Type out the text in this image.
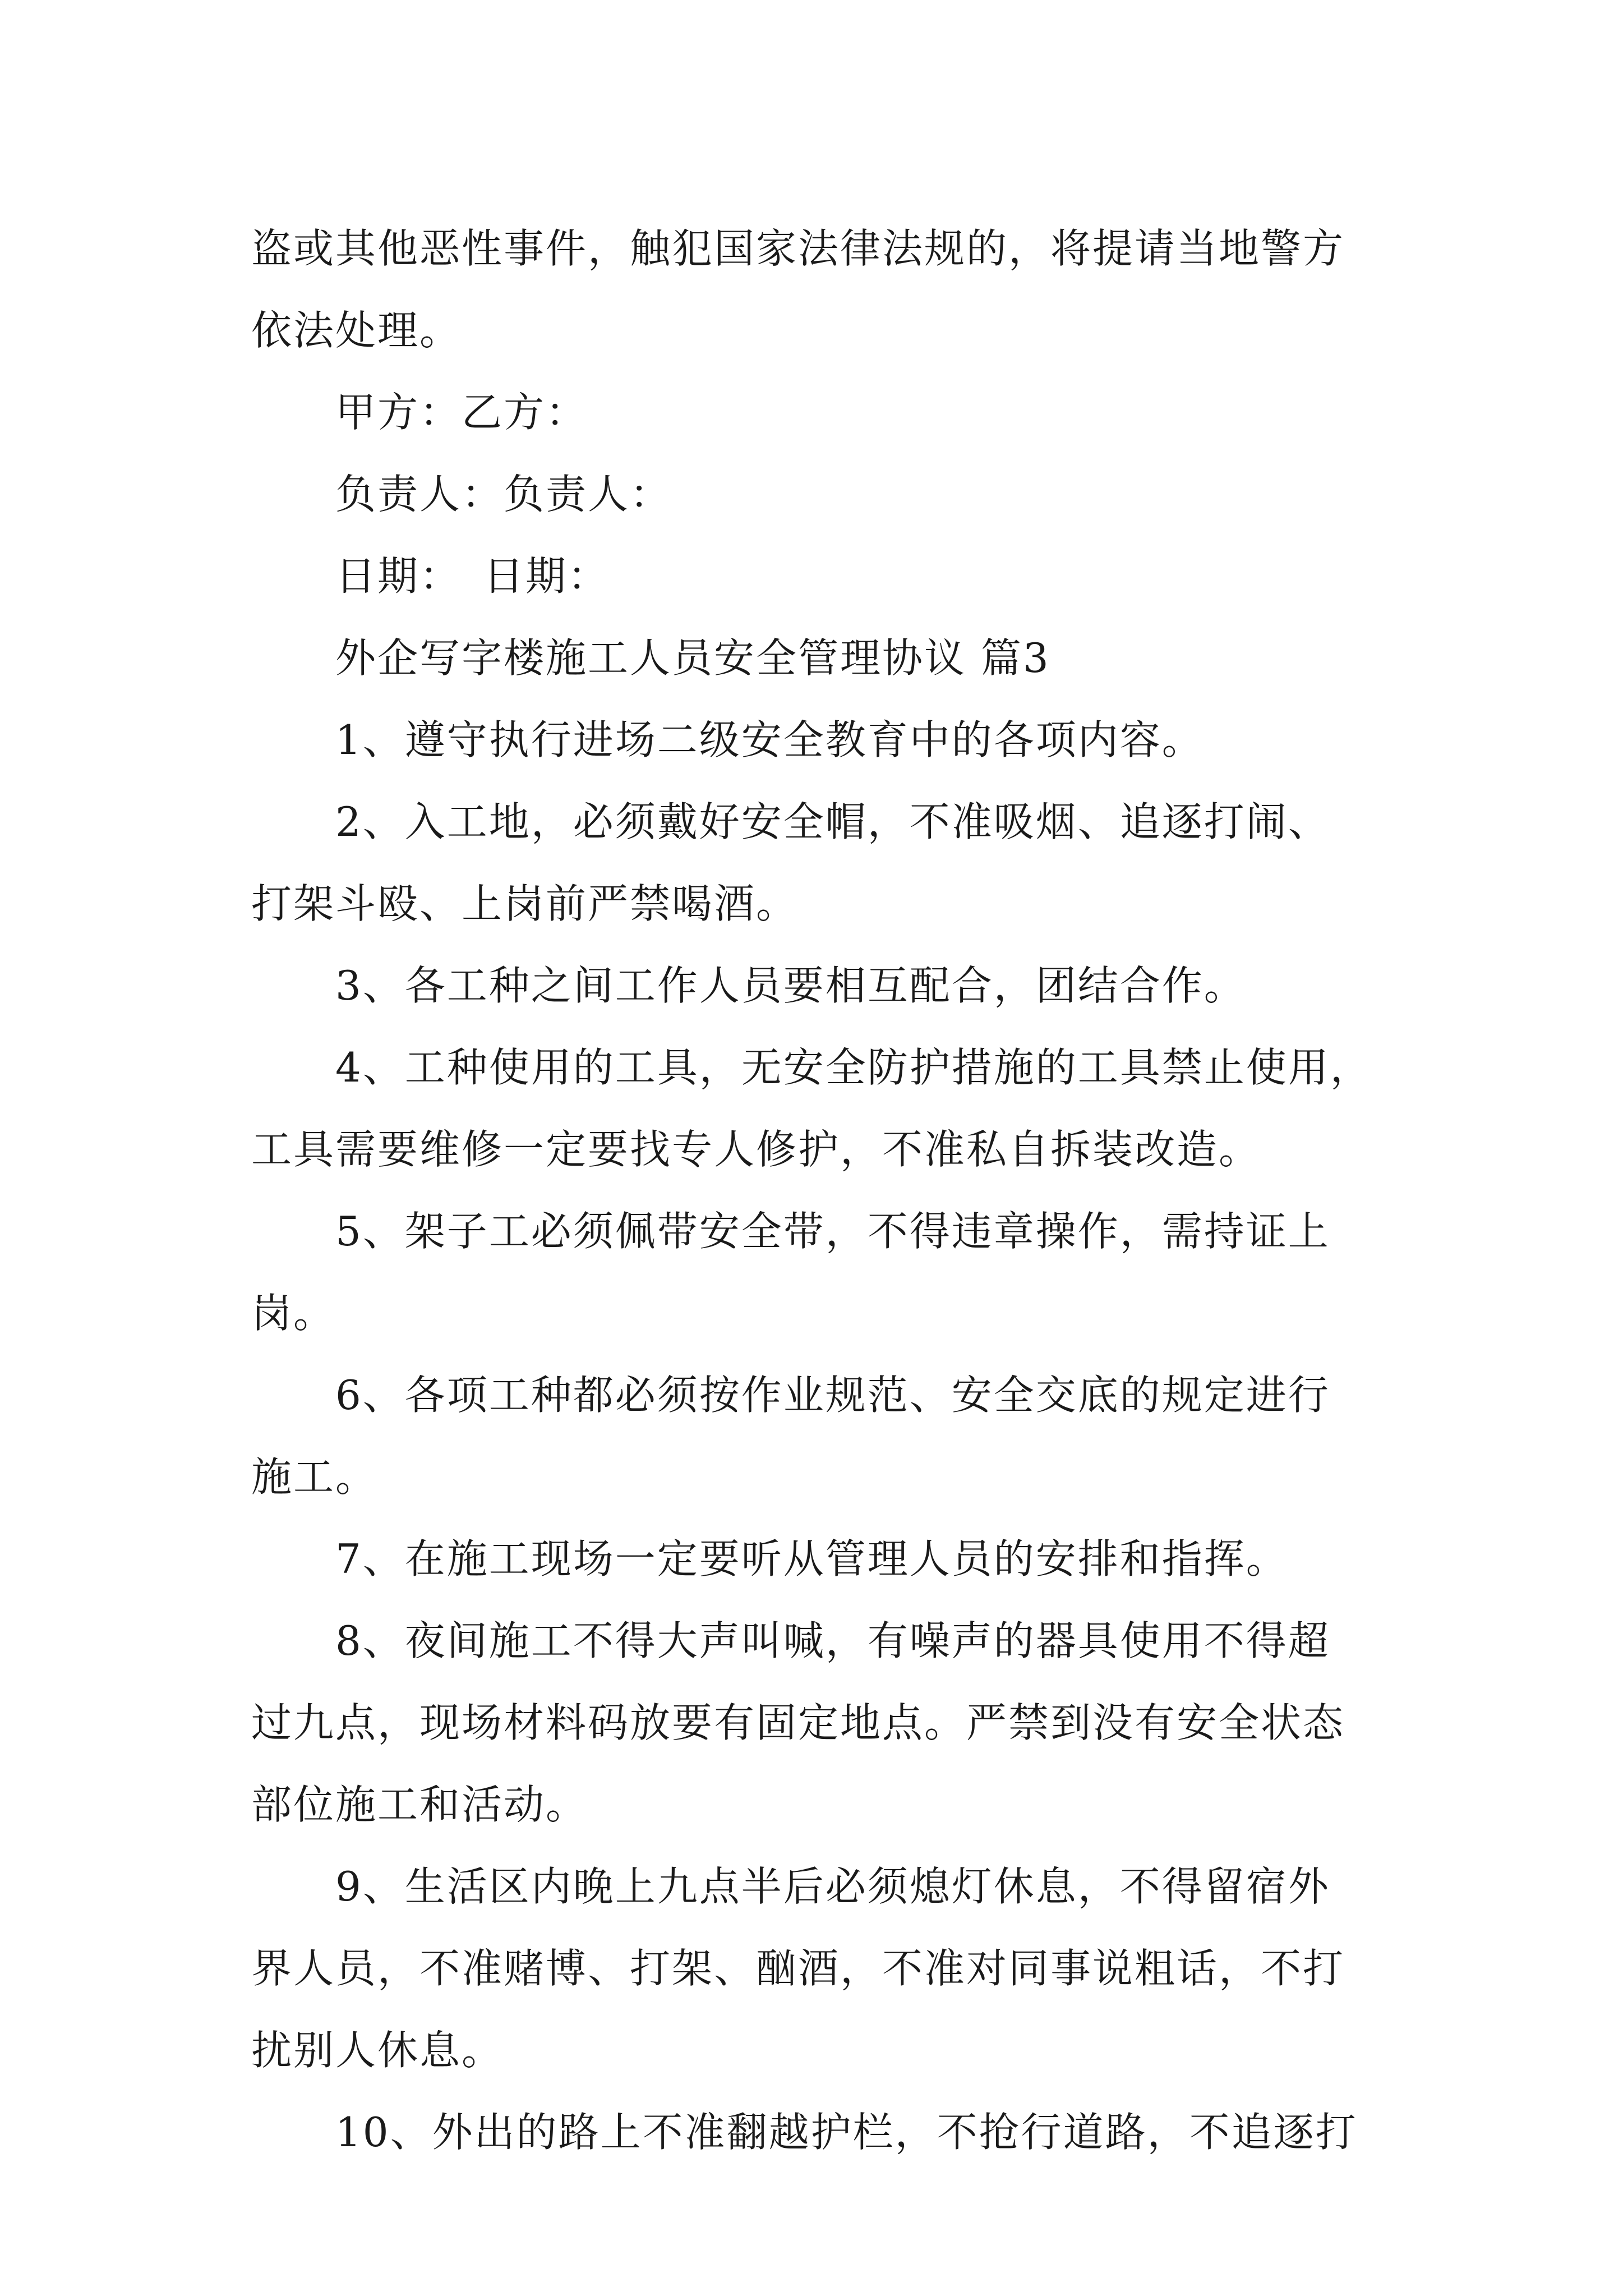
盗或其他恶性事件，触犯国家法律法规的，将提请当地警方
依法处理。
甲方：乙方：
负责人：负责人：
日期：　日期：
外企写字楼施工人员安全管理协议 篇3
1、遵守执行进场二级安全教育中的各项内容。
2、入工地，必须戴好安全帽，不准吸烟、追逐打闹、
打架斗殴、上岗前严禁喝酒。
3、各工种之间工作人员要相互配合，团结合作。
4、工种使用的工具，无安全防护措施的工具禁止使用，
工具需要维修一定要找专人修护，不准私自拆装改造。
5、架子工必须佩带安全带，不得违章操作，需持证上
岗。
6、各项工种都必须按作业规范、安全交底的规定进行
施工。
7、在施工现场一定要听从管理人员的安排和指挥。
8、夜间施工不得大声叫喊，有噪声的器具使用不得超
过九点，现场材料码放要有固定地点。严禁到没有安全状态
部位施工和活动。
9、生活区内晚上九点半后必须熄灯休息，不得留宿外
界人员，不准赌博、打架、酗酒，不准对同事说粗话，不打
扰别人休息。
10、外出的路上不准翻越护栏，不抢行道路，不追逐打
